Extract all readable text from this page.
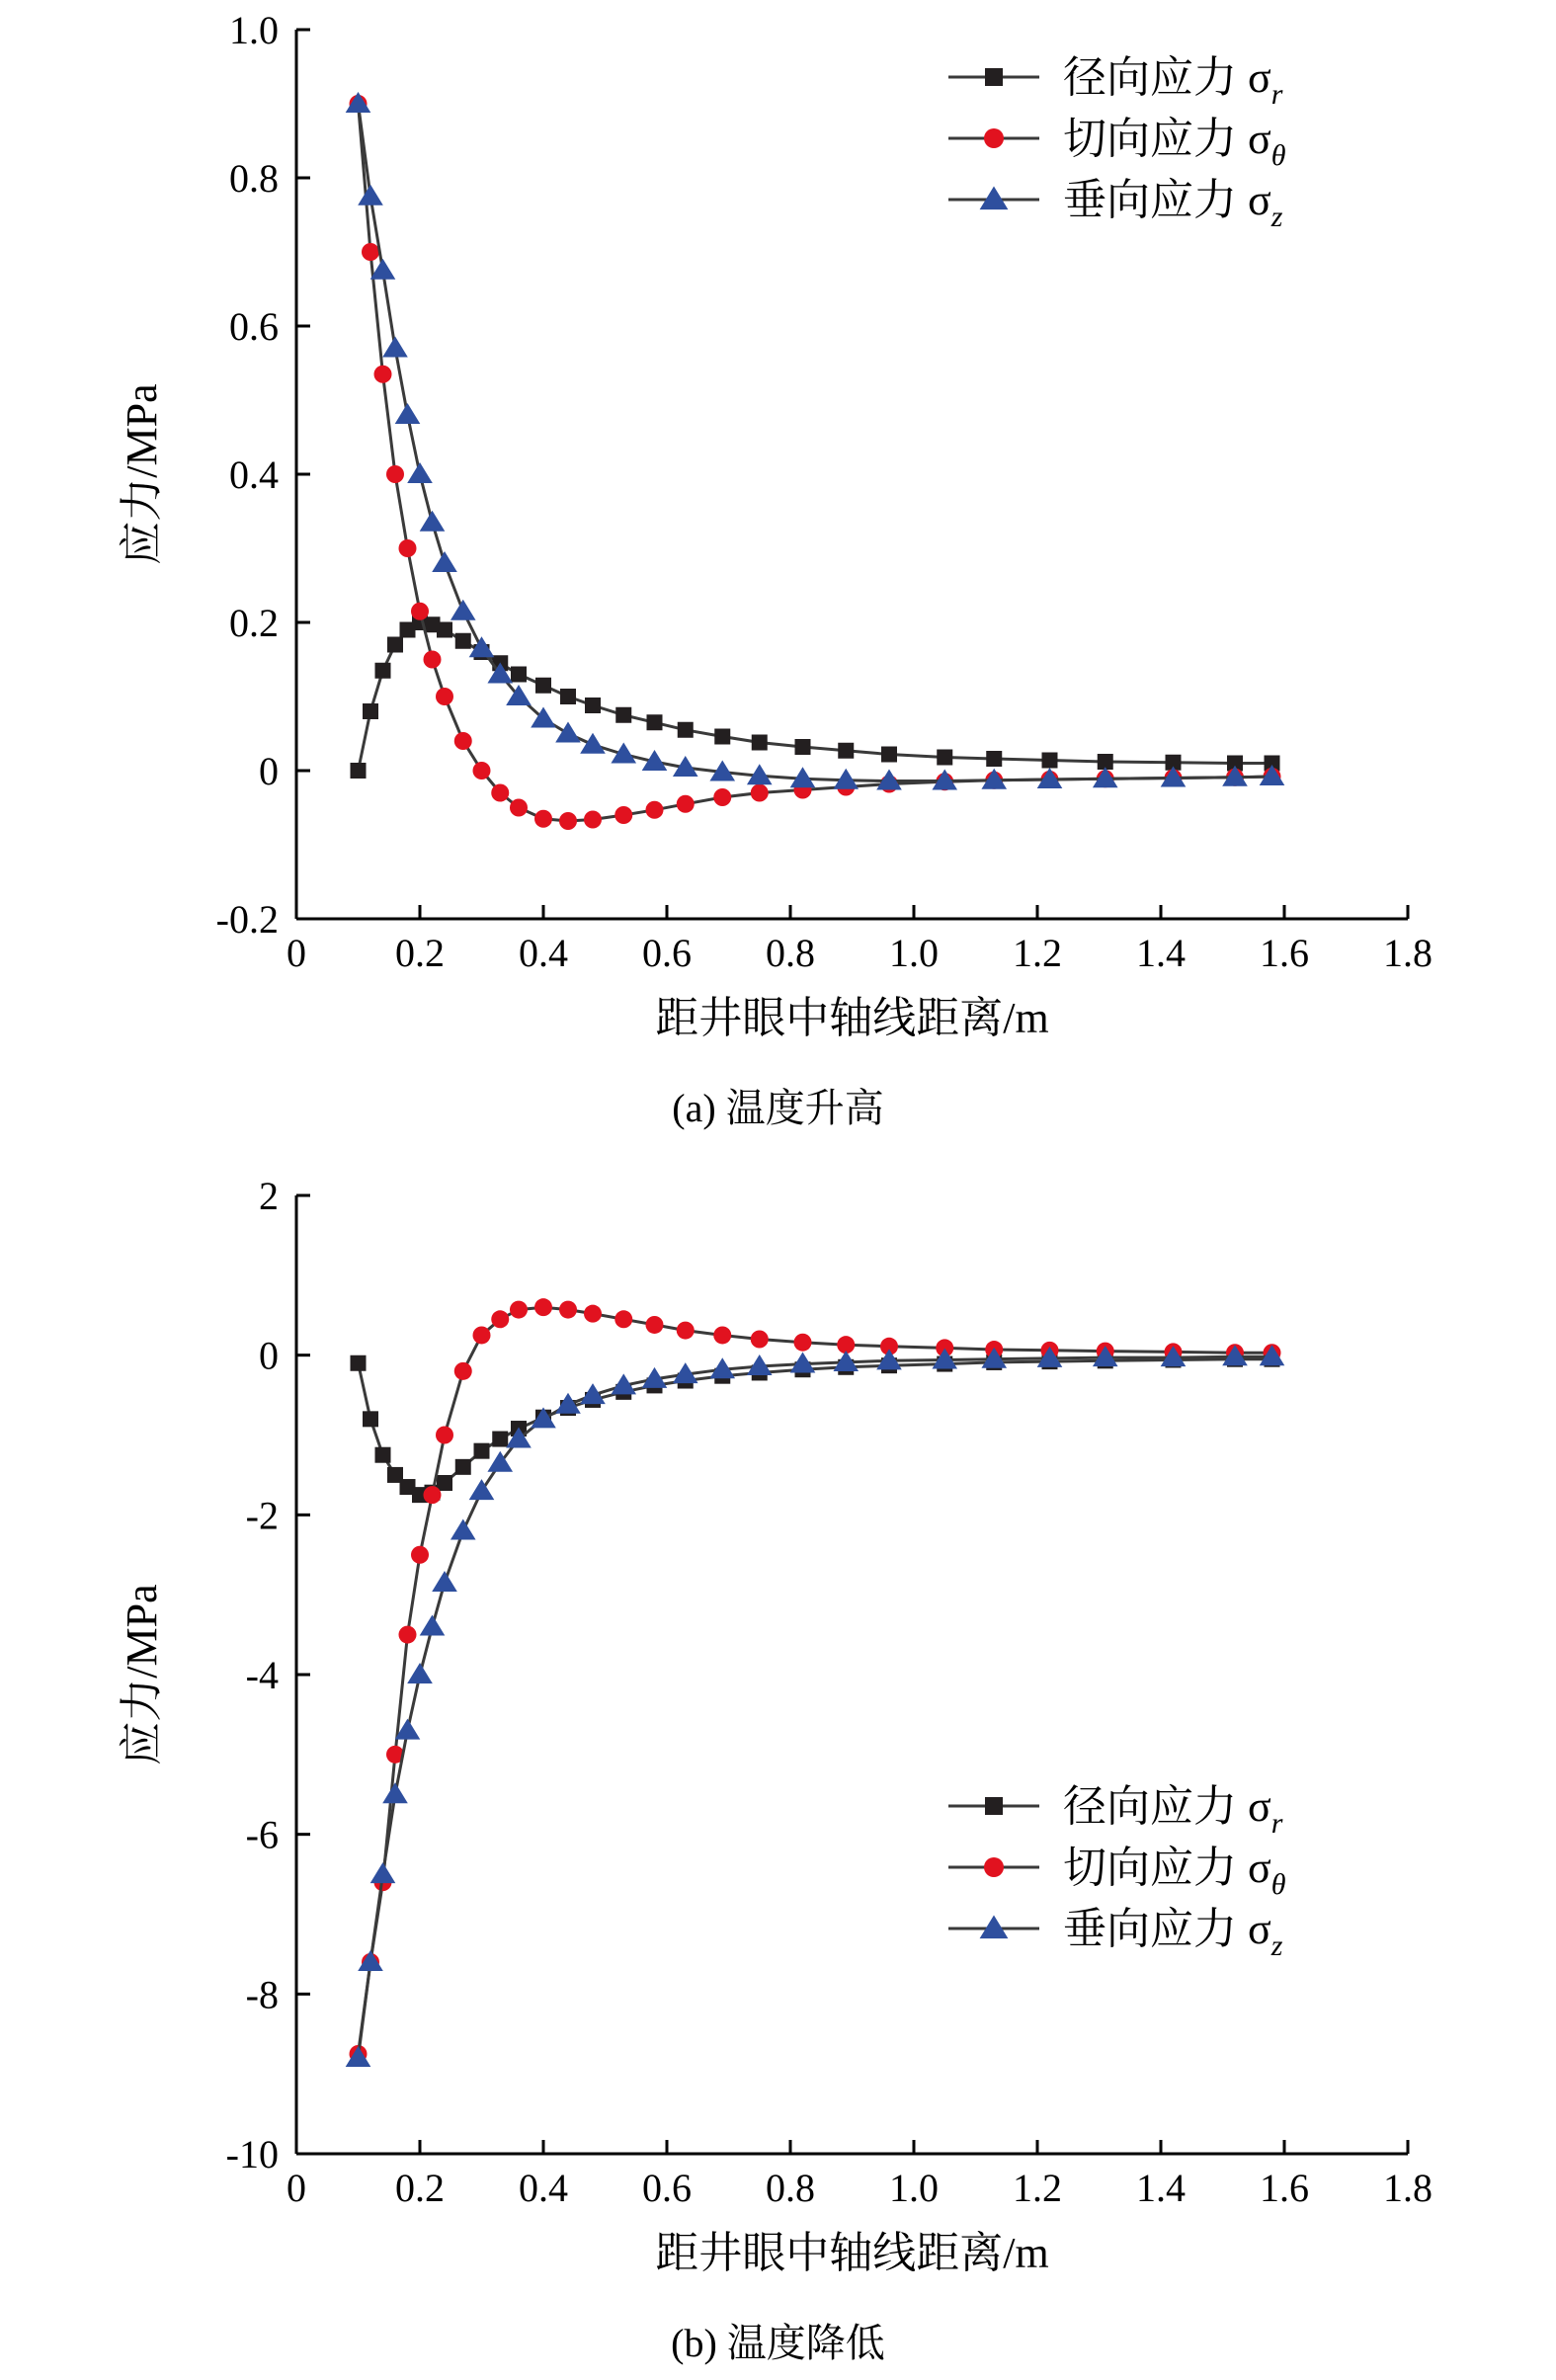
0 0.2 0.4 0.6 0.8 1.0 1.2 1.4 1.6 1.8
-0.2
0
0.2
0.4
0.6
0.8
1.0
距井眼中轴线距离/m
应力/MPa
径向应力 $\sigma_r$
切向应力 $\sigma_\theta$
垂向应力 $\sigma_z$
(a) 温度升高
0 0.2 0.4 0.6 0.8 1.0 1.2 1.4 1.6 1.8
-10
-8
-6
-4
-2
0
2
距井眼中轴线距离/m
应力/MPa
径向应力 $\sigma_r$
切向应力 $\sigma_\theta$
垂向应力 $\sigma_z$
(b) 温度降低
